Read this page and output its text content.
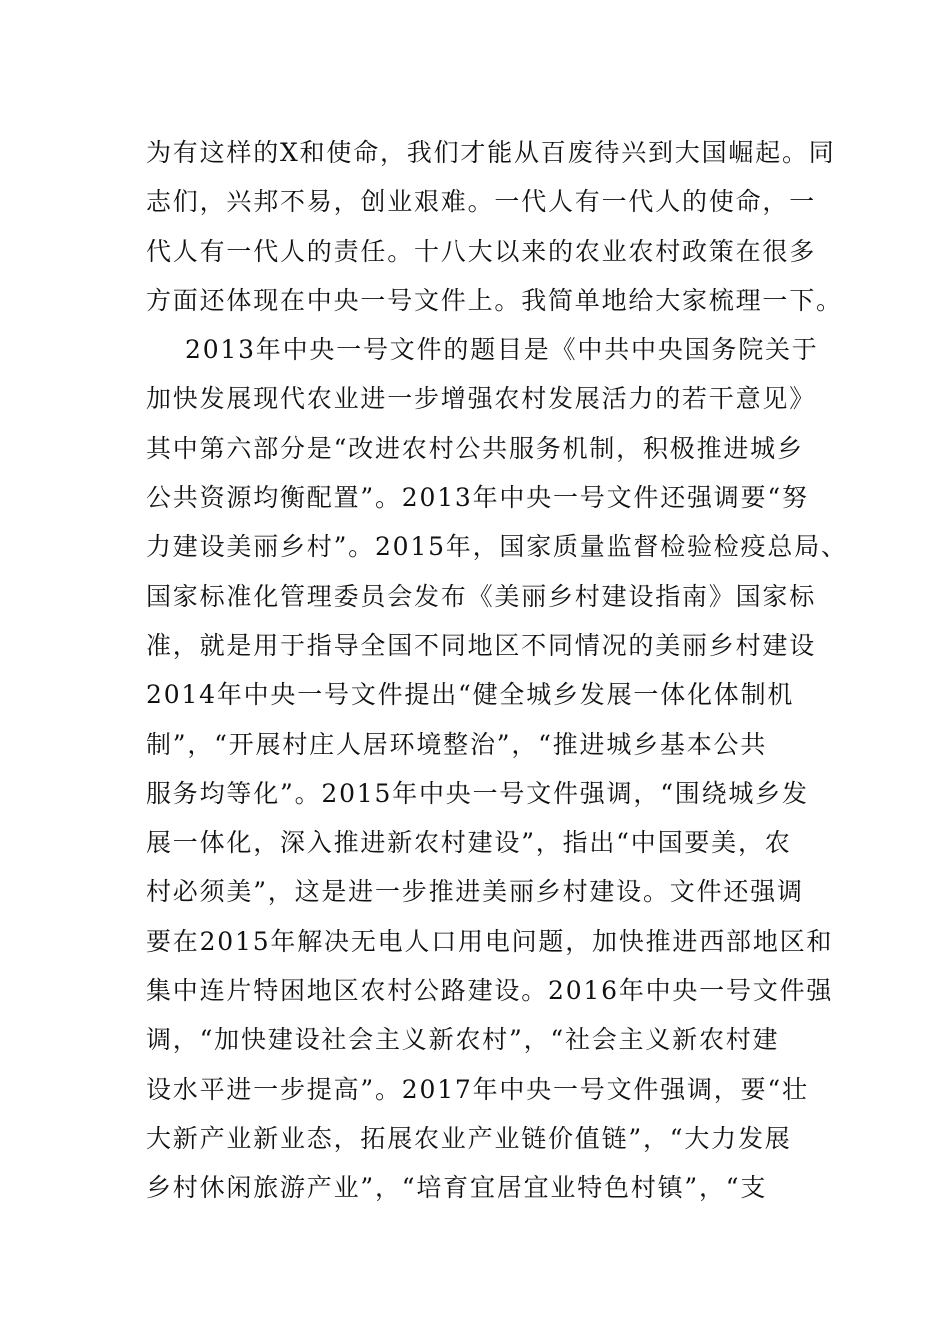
为有这样的X和使命，我们才能从百废待兴到大国崛起。同
志们，兴邦不易，创业艰难。一代人有一代人的使命，一
代人有一代人的责任。十八大以来的农业农村政策在很多
方面还体现在中央一号文件上。我简单地给大家梳理一下。
2013年中央一号文件的题目是《中共中央国务院关于
加快发展现代农业进一步增强农村发展活力的若干意见》
其中第六部分是“改进农村公共服务机制，积极推进城乡
公共资源均衡配置”。2013年中央一号文件还强调要“努
力建设美丽乡村”。2015年，国家质量监督检验检疫总局、
国家标准化管理委员会发布《美丽乡村建设指南》国家标
准，就是用于指导全国不同地区不同情况的美丽乡村建设
2014年中央一号文件提出“健全城乡发展一体化体制机
制”，“开展村庄人居环境整治”，“推进城乡基本公共
服务均等化”。2015年中央一号文件强调，“围绕城乡发
展一体化，深入推进新农村建设”，指出“中国要美，农
村必须美”，这是进一步推进美丽乡村建设。文件还强调
要在2015年解决无电人口用电问题，加快推进西部地区和
集中连片特困地区农村公路建设。2016年中央一号文件强
调，“加快建设社会主义新农村”，“社会主义新农村建
设水平进一步提高”。2017年中央一号文件强调，要“壮
大新产业新业态，拓展农业产业链价值链”，“大力发展
乡村休闲旅游产业”，“培育宜居宜业特色村镇”，“支
